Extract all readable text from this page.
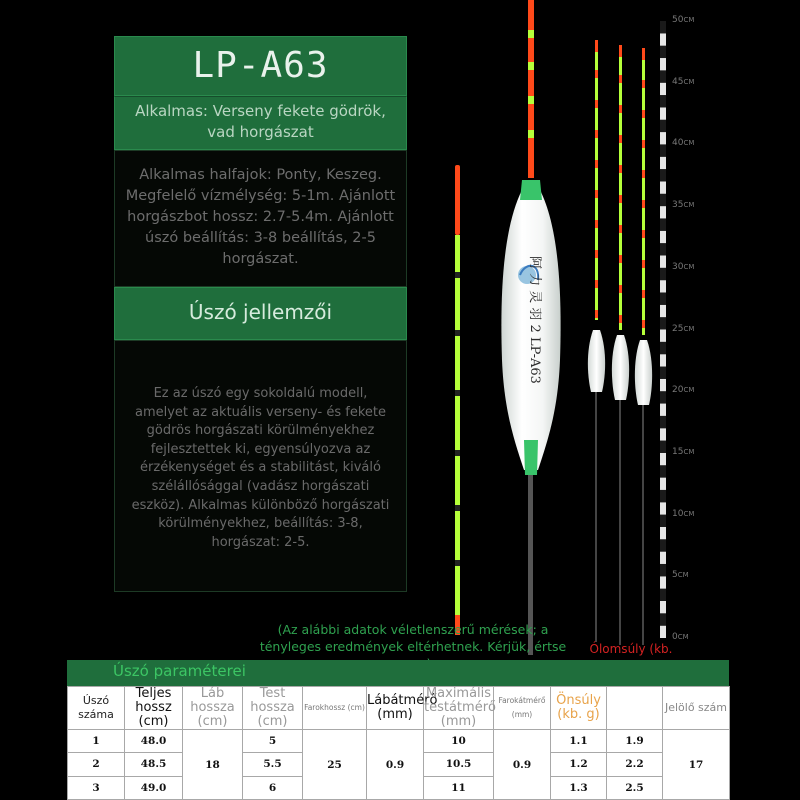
LP-A63
Alkalmas: Verseny fekete gödrök, vad horgászat
Alkalmas halfajok: Ponty, Keszeg. Megfelelő vízmélység: 5-1m. Ajánlott horgászbot hossz: 2.7-5.4m. Ajánlott úszó beállítás: 3-8 beállítás, 2-5 horgászat.
Úszó jellemzői
Ez az úszó egy sokoldalú modell, amelyet az aktuális verseny- és fekete gödrös horgászati körülményekhez fejlesztettek ki, egyensúlyozva az érzékenységet és a stabilitást, kiváló szélállósággal (vadász horgászati eszköz). Alkalmas különböző horgászati körülményekhez, beállítás: 3-8, horgászat: 2-5.
阿 力 灵 羽 2 LP-A63
50CM
45CM
40CM
35CM
30CM
25CM
20CM
15CM
10CM
5CM
0CM
(Az alábbi adatok véletlenszerű mérések; a tényleges eredmények eltérhetnek. Kérjük, értse Ólomsúly (kb.
Úszó paraméterei
Úszó száma	Teljes hossz (cm)	Láb hossza (cm)	Test hossza (cm)	Farokhossz (cm)	Lábátmérő (mm)	Maximális testátmérő (mm)	Farokátmérő (mm)	Önsúly (kb. g)		Jelölő szám
1	48.0	18	5	25	0.9	10	0.9	1.1	1.9	17
2	48.5		5.5			10.5		1.2	2.2	
3	49.0		6			11		1.3	2.5	
